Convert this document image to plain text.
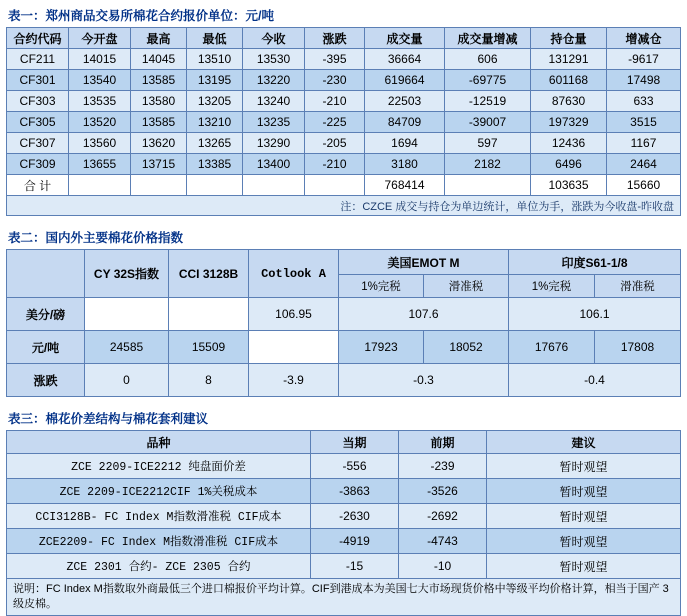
表一：郑州商品交易所棉花合约报价单位：元/吨
合约代码	今开盘	最高	最低	今收	涨跌	成交量	成交量增减	持仓量	增减仓
CF211	14015	14045	13510	13530	-395	36664	606	131291	-9617
CF301	13540	13585	13195	13220	-230	619664	-69775	601168	17498
CF303	13535	13580	13205	13240	-210	22503	-12519	87630	633
CF305	13520	13585	13210	13235	-225	84709	-39007	197329	3515
CF307	13560	13620	13265	13290	-205	1694	597	12436	1167
CF309	13655	13715	13385	13400	-210	3180	2182	6496	2464
合 计						768414		103635	15660
注：CZCE 成交与持仓为单边统计，单位为手，涨跌为今收盘-昨收盘									
表二：国内外主要棉花价格指数
	CY 32S指数	CCI 3128B	Cotlook A	美国EMOT M		印度S61-1/8	
				1%完税	滑准税	1%完税	滑准税
美分/磅			106.95	107.6		106.1	
元/吨	24585	15509		17923	18052	17676	17808
涨跌	0	8	-3.9	-0.3		-0.4	
表三：棉花价差结构与棉花套利建议
品种	当期	前期	建议
ZCE 2209-ICE2212 纯盘面价差	-556	-239	暂时观望
ZCE 2209-ICE2212CIF 1%关税成本	-3863	-3526	暂时观望
CCI3128B- FC Index M指数滑准税 CIF成本	-2630	-2692	暂时观望
ZCE2209- FC Index M指数滑准税 CIF成本	-4919	-4743	暂时观望
ZCE 2301 合约- ZCE 2305 合约	-15	-10	暂时观望
说明：FC Index M指数取外商最低三个进口棉报价平均计算。CIF到港成本为美国七大市场现货价格中等级平均价格计算，相当于国产 3 级皮棉。			
